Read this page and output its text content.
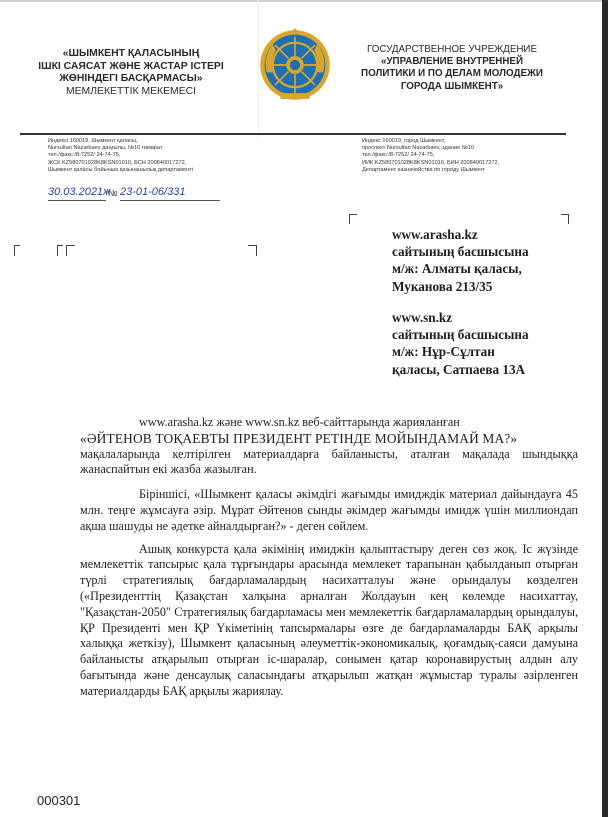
«ШЫМКЕНТ ҚАЛАСЫНЫҢ
ІШКІ САЯСАТ ЖӘНЕ ЖАСТАР ІСТЕРІ
ЖӨНІНДЕГІ БАСҚАРМАСЫ»
МЕМЛЕКЕТТІК МЕКЕМЕСІ
ГОСУДАРСТВЕННОЕ УЧРЕЖДЕНИЕ
«УПРАВЛЕНИЕ ВНУТРЕННЕЙ
ПОЛИТИКИ И ПО ДЕЛАМ МОЛОДЕЖИ
ГОРОДА ШЫМКЕНТ»
Индексі 160019, Шымкент қаласы,
Nursultan Nazarbaev даңғылы, №10 ғимарат
тел./факс:/8-7252/ 24-74-75,
ЖСК KZ580701028K8KSN01010, БСН 200840017272,
Шымкент қаласы бойынша қазынашылық департаменті
Индекс 160019, город Шымкент,
проспект Nursultan Nazarbaev, здание №10
тел./факс:/8-7252/ 24-74-75,
ИИК KZ580701028K8KSN01010, БИН 200840017272,
Департамент казначейства по городу Шымкент
30.03.2021ж
№ 23-01-06/331
www.arasha.kz
сайтының басшысына
м/ж: Алматы қаласы,
Муканова 213/35
www.sn.kz
сайтының басшысына
м/ж: Нұр-Сұлтан
қаласы, Сатпаева 13А

www.arasha.kz және www.sn.kz веб-сайттарында жарияланған

«ӘЙТЕНОВ ТОҚАЕВТЫ ПРЕЗИДЕНТ РЕТІНДЕ МОЙЫНДАМАЙ МА?»

мақалаларында келтірілген материалдарға байланысты, аталған мақалада шындыққа жанаспайтын екі жазба жазылған.

Біріншісі, «Шымкент қаласы әкімдігі жағымды имидждік материал дайындауға 45 млн. теңге жұмсауға әзір. Мұрат Әйтенов сынды әкімдер жағымды имидж үшін миллиондап ақша шашуды не әдетке айналдырған?» - деген сөйлем.

Ашық конкурста қала әкімінің имиджін қалыптастыру деген сөз жоқ. Іс жүзінде мемлекеттік тапсырыс қала тұрғындары арасында мемлекет тарапынан қабылданып отырған түрлі стратегиялық бағдарламалардың насихатталуы және орындалуы көзделген («Президенттің Қазақстан халқына арналған Жолдауын кең көлемде насихаттау, "Қазақстан-2050" Стратегиялық бағдарламасы мен мемлекеттік бағдарламалардың орындалуы, ҚР Президенті мен ҚР Үкіметінің тапсырмалары өзге де бағдарламаларды БАҚ арқылы халыққа жеткізу), Шымкент қаласының әлеуметтік-экономикалық, қоғамдық-саяси дамуына байланысты атқарылып отырған іс-шаралар, сонымен қатар коронавирустың алдын алу бағытында және денсаулық саласындағы атқарылып жатқан жұмыстар туралы әзірленген материалдарды БАҚ арқылы жариялау.

000301
